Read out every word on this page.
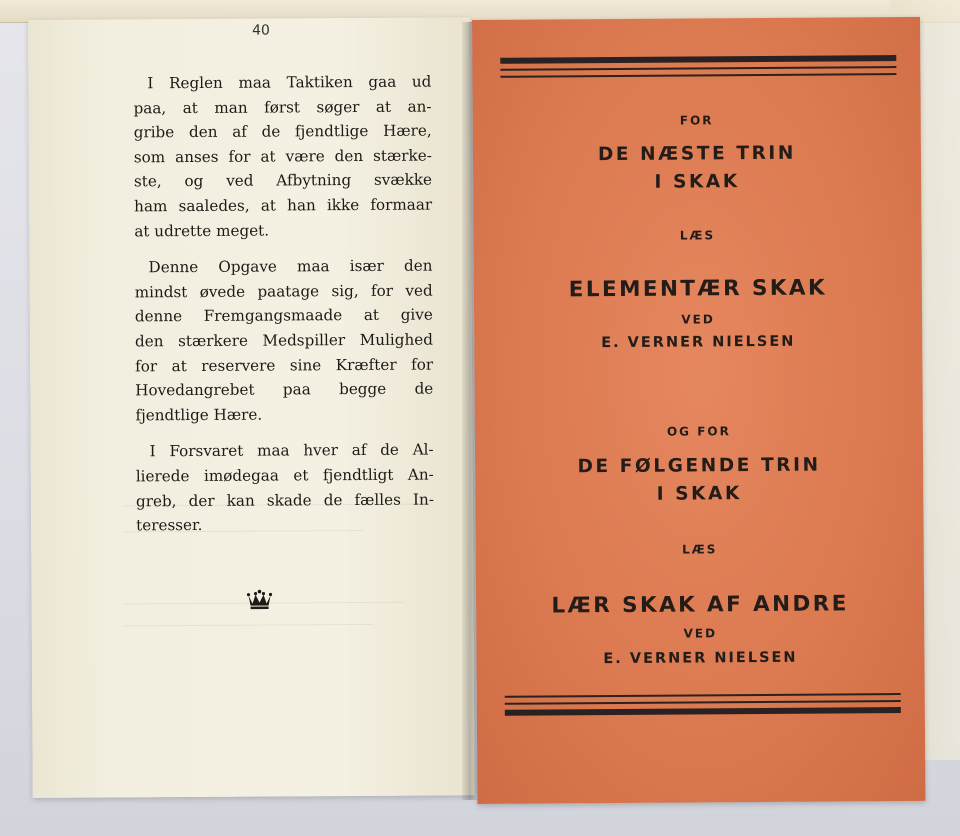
40

I Reglen maa Taktiken gaa ud
paa, at man først søger at an-
gribe den af de fjendtlige Hære,
som anses for at være den stærke-
ste, og ved Afbytning svække
ham saaledes, at han ikke formaar
at udrette meget.

Denne Opgave maa især den
mindst øvede paatage sig, for ved
denne Fremgangsmaade at give
den stærkere Medspiller Mulighed
for at reservere sine Kræfter for
Hovedangrebet paa begge de
fjendtlige Hære.

I Forsvaret maa hver af de Al-
lierede imødegaa et fjendtligt An-
greb, der kan skade de fælles In-
teresser.

FOR
DE NÆSTE TRIN
I SKAK
LÆS
ELEMENTÆR SKAK
VED
E. VERNER NIELSEN
OG FOR
DE FØLGENDE TRIN
I SKAK
LÆS
LÆR SKAK AF ANDRE
VED
E. VERNER NIELSEN
